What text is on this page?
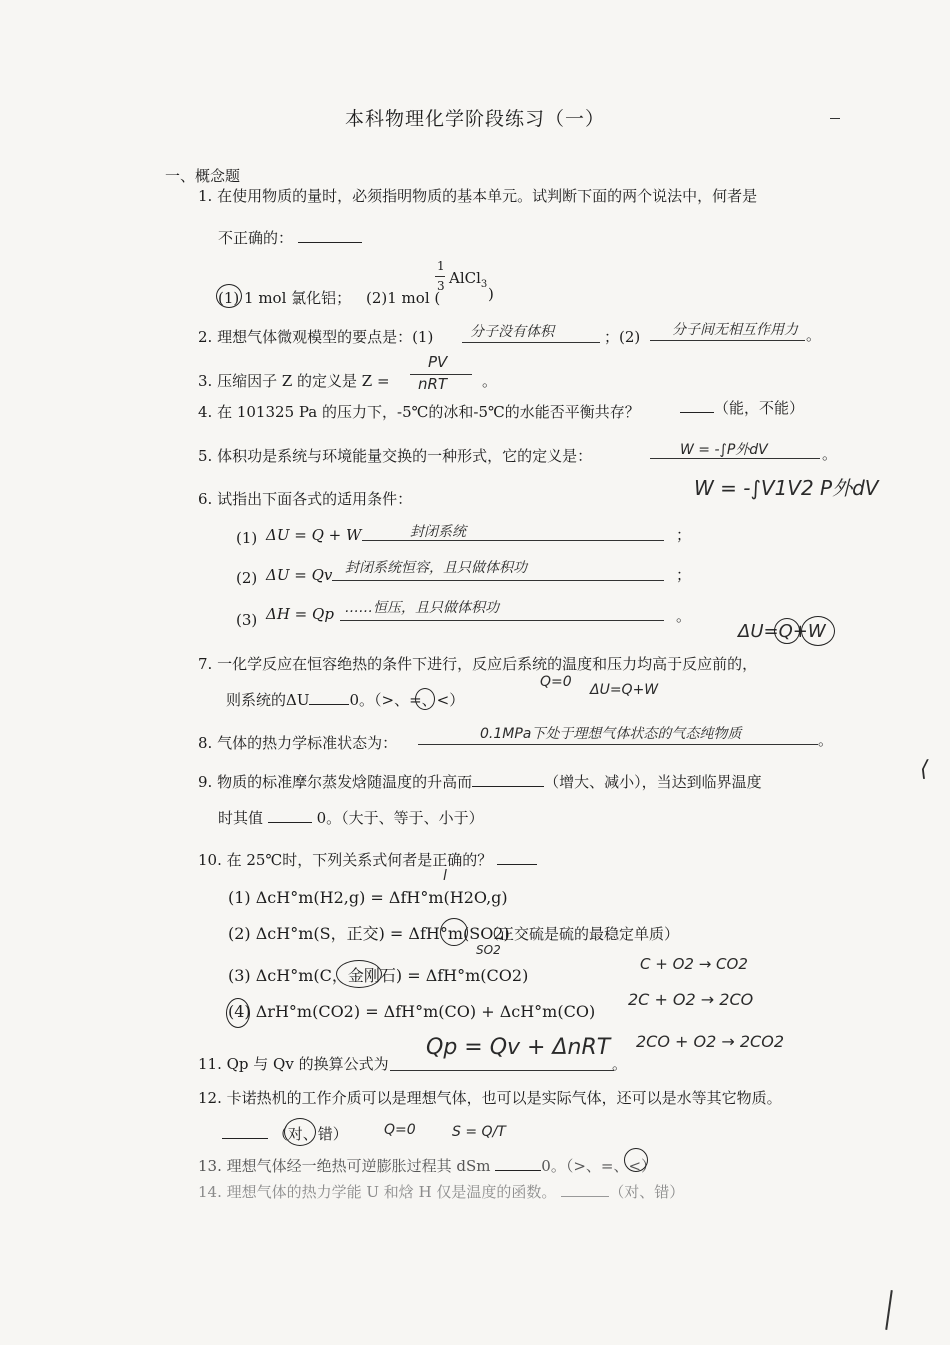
本科物理化学阶段练习（一）
一、概念题
1. 在使用物质的量时，必须指明物质的基本单元。试判断下面的两个说法中，何者是
不正确的：
(1) 1 mol 氯化铝； (2)1 mol (
1
3 AlCl$_3$
)
2. 理想气体微观模型的要点是：(1)	分子没有体积	；(2) 分子间无相互作用力 。
3. 压缩因子 Z 的定义是 Z =
PV
nRT 。
4. 在 101325 Pa 的压力下，-5℃的冰和-5℃的水能否平衡共存？	（能，不能）
5. 体积功是系统与环境能量交换的一种形式，它的定义是：	W = -∫P外dV	。
W = -∫V1V2 P外dV
6. 试指出下面各式的适用条件：
(1) ΔU = Q + W	封闭系统	；
(2) ΔU = Qv 封闭系统恒容，且只做体积功	；
(3) ΔH = Qp ……恒压，且只做体积功	。
ΔU=Q+W
7. 一化学反应在恒容绝热的条件下进行，反应后系统的温度和压力均高于反应前的，
则系统的ΔU	0。（>、=、<）
Q=0 ΔU=Q+W
8. 气体的热力学标准状态为：	0.1MPa下处于理想气体状态的气态纯物质	。
9. 物质的标准摩尔蒸发焓随温度的升高而	（增大、减小），当达到临界温度
时其值	0。（大于、等于、小于）
⟨
10. 在 25℃时，下列关系式何者是正确的？
(1) ΔcH°m(H2,g) = ΔfH°m(H2O,g)
l
(2) ΔcH°m(S，正交) = ΔfH°m(SO2)
SO2
（正交硫是硫的最稳定单质）
(3) ΔcH°m(C，金刚石) = ΔfH°m(CO2)
C + O2 → CO2
(4) ΔrH°m(CO2) = ΔfH°m(CO) + ΔcH°m(CO)
2C + O2 → 2CO
2CO + O2 → 2CO2
11. Qp 与 Qv 的换算公式为
Qp = Qv + ΔnRT
。
12. 卡诺热机的工作介质可以是理想气体，也可以是实际气体，还可以是水等其它物质。
（对、错）	Q=0	S = Q/T
13. 理想气体经一绝热可逆膨胀过程其 dSm	0。（>、=、<）
14. 理想气体的热力学能 U 和焓 H 仅是温度的函数。	（对、错）
